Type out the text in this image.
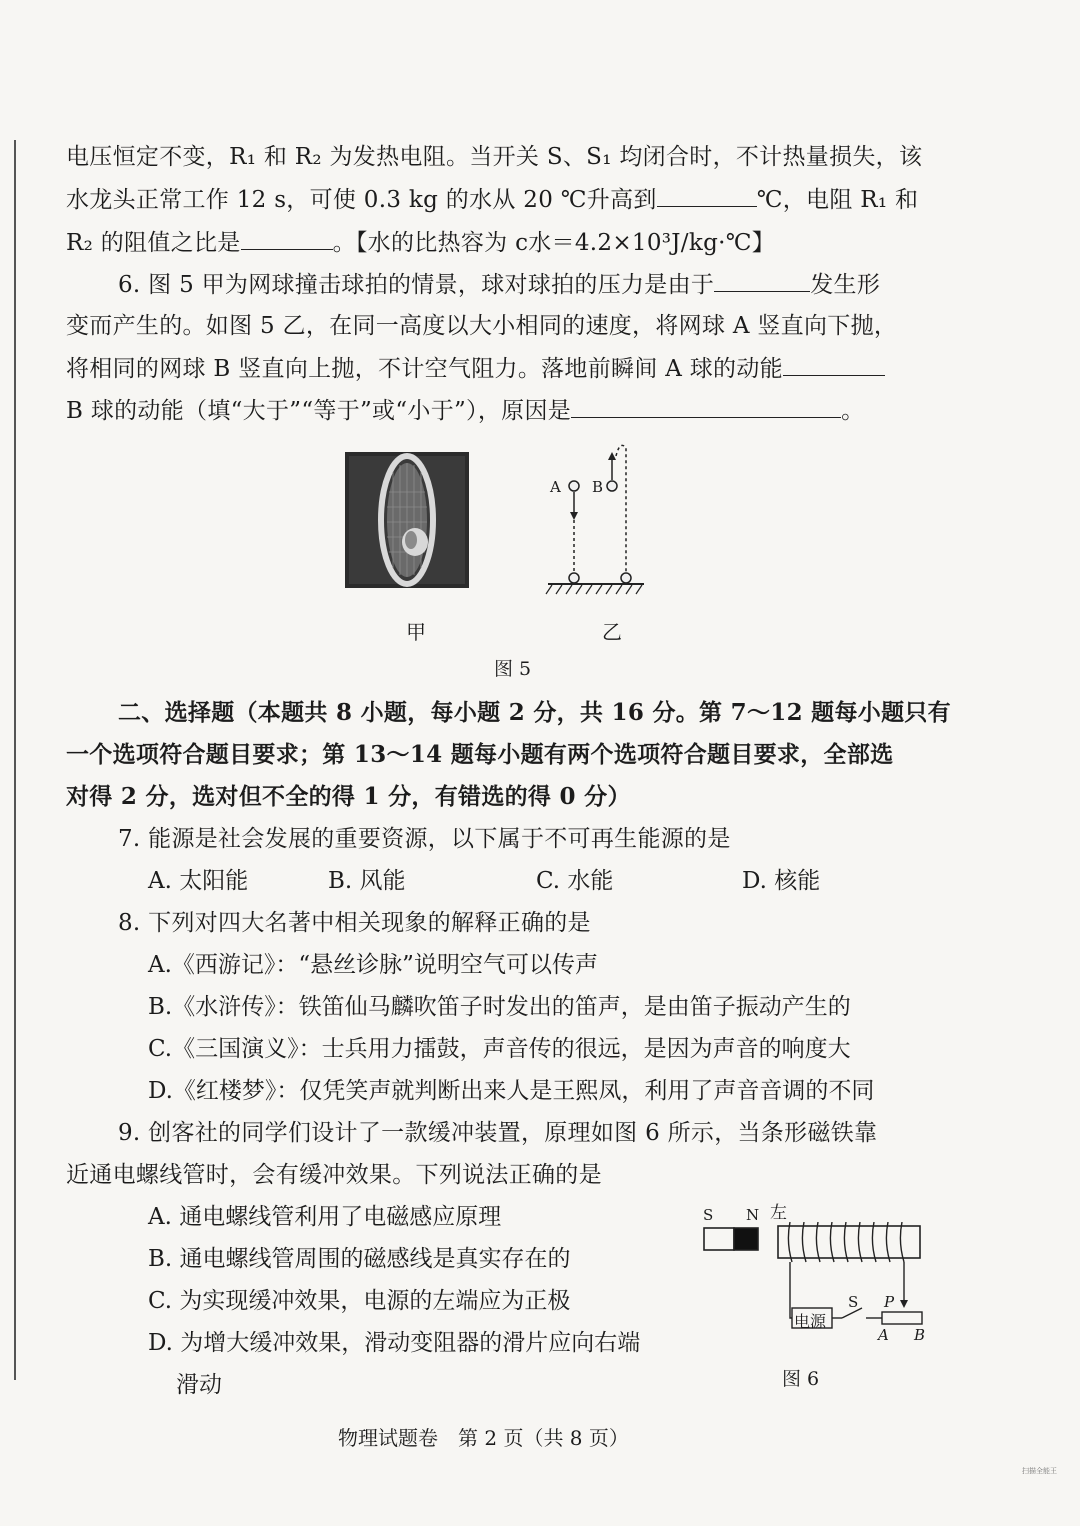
电压恒定不变，R₁ 和 R₂ 为发热电阻。当开关 S、S₁ 均闭合时，不计热量损失，该
水龙头正常工作 12 s，可使 0.3 kg 的水从 20 ℃升高到	℃，电阻 R₁ 和
R₂ 的阻值之比是	。【水的比热容为 c水＝4.2×10³J/kg·℃】
6. 图 5 甲为网球撞击球拍的情景，球对球拍的压力是由于	发生形
变而产生的。如图 5 乙，在同一高度以大小相同的速度，将网球 A 竖直向下抛，
将相同的网球 B 竖直向上抛，不计空气阻力。落地前瞬间 A 球的动能
B 球的动能（填“大于”“等于”或“小于”），原因是	。
甲
A B
乙
图 5
二、选择题（本题共 8 小题，每小题 2 分，共 16 分。第 7～12 题每小题只有
一个选项符合题目要求；第 13～14 题每小题有两个选项符合题目要求，全部选
对得 2 分，选对但不全的得 1 分，有错选的得 0 分）
7. 能源是社会发展的重要资源，以下属于不可再生能源的是
A. 太阳能	B. 风能	C. 水能	D. 核能
8. 下列对四大名著中相关现象的解释正确的是
A.《西游记》：“悬丝诊脉”说明空气可以传声
B.《水浒传》：铁笛仙马麟吹笛子时发出的笛声，是由笛子振动产生的
C.《三国演义》：士兵用力擂鼓，声音传的很远，是因为声音的响度大
D.《红楼梦》：仅凭笑声就判断出来人是王熙凤，利用了声音音调的不同
9. 创客社的同学们设计了一款缓冲装置，原理如图 6 所示，当条形磁铁靠
近通电螺线管时，会有缓冲效果。下列说法正确的是
A. 通电螺线管利用了电磁感应原理
B. 通电螺线管周围的磁感线是真实存在的
C. 为实现缓冲效果，电源的左端应为正极
D. 为增大缓冲效果，滑动变阻器的滑片应向右端
滑动
S N 左
电源
S P
A B
图 6
物理试题卷　第 2 页（共 8 页）
扫描全能王
